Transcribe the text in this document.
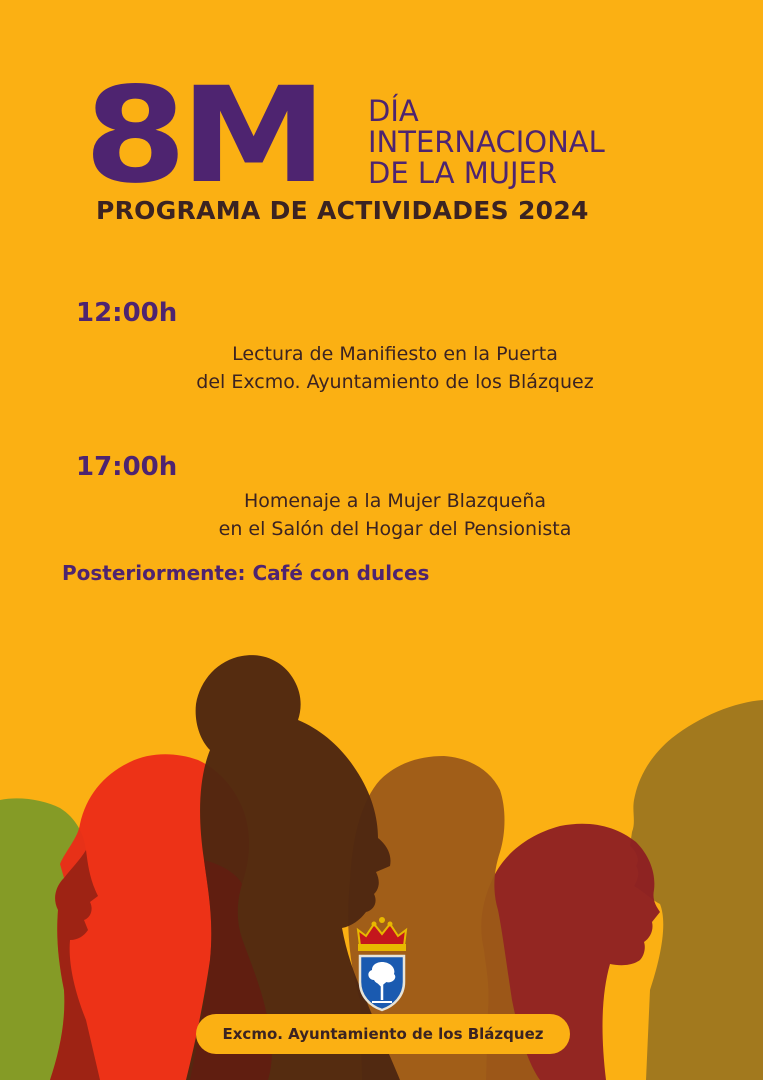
8M DÍA
INTERNACIONAL
DE LA MUJER
PROGRAMA DE ACTIVIDADES 2024
12:00h
Lectura de Manifiesto en la Puerta
del Excmo. Ayuntamiento de los Blázquez
17:00h
Homenaje a la Mujer Blazqueña
en el Salón del Hogar del Pensionista
Posteriormente: Café con dulces
Excmo. Ayuntamiento de los Blázquez
